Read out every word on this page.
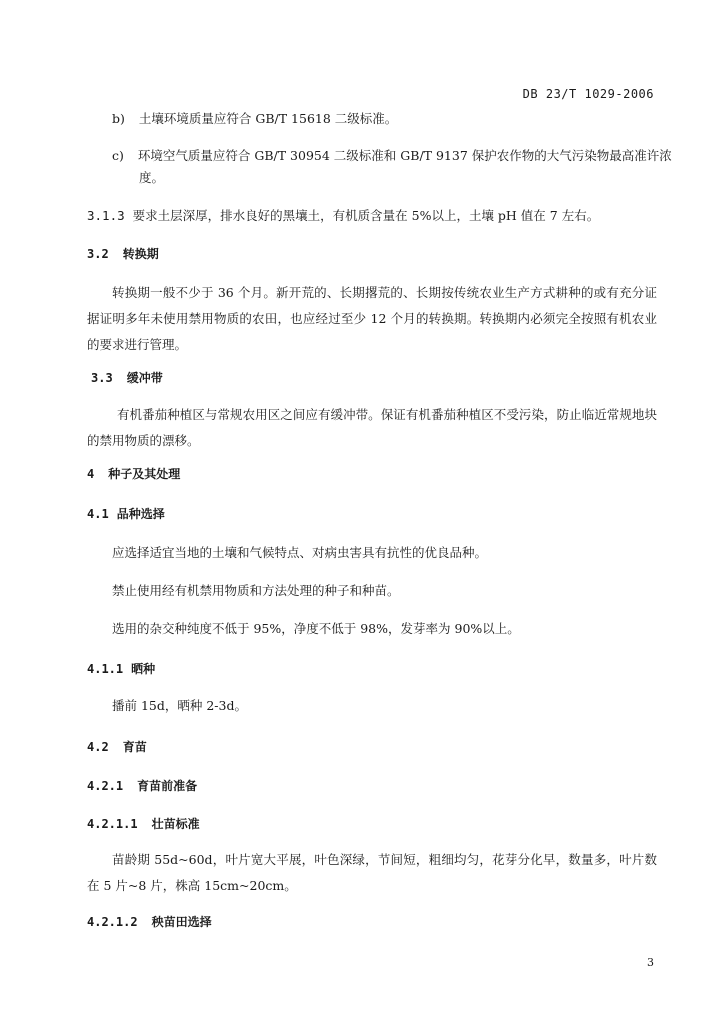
DB 23/T 1029-2006
b) 土壤环境质量应符合 GB/T 15618 二级标准。
c) 环境空气质量应符合 GB/T 30954 二级标准和 GB/T 9137 保护农作物的大气污染物最高准许浓
度。
3.1.3 要求土层深厚，排水良好的黑壤土，有机质含量在 5%以上，土壤 pH 值在 7 左右。
3.2 转换期
转换期一般不少于 36 个月。新开荒的、长期撂荒的、长期按传统农业生产方式耕种的或有充分证据证明多年未使用禁用物质的农田，也应经过至少 12 个月的转换期。转换期内必须完全按照有机农业的要求进行管理。
3.3 缓冲带
有机番茄种植区与常规农用区之间应有缓冲带。保证有机番茄种植区不受污染，防止临近常规地块的禁用物质的漂移。
4 种子及其处理
4.1 品种选择
应选择适宜当地的土壤和气候特点、对病虫害具有抗性的优良品种。
禁止使用经有机禁用物质和方法处理的种子和种苗。
选用的杂交种纯度不低于 95%，净度不低于 98%，发芽率为 90%以上。
4.1.1 晒种
播前 15d，晒种 2-3d。
4.2 育苗
4.2.1 育苗前准备
4.2.1.1 壮苗标准
苗龄期 55d~60d，叶片宽大平展，叶色深绿，节间短，粗细均匀，花芽分化早，数量多，叶片数在 5 片~8 片，株高 15cm~20cm。
4.2.1.2 秧苗田选择
3
